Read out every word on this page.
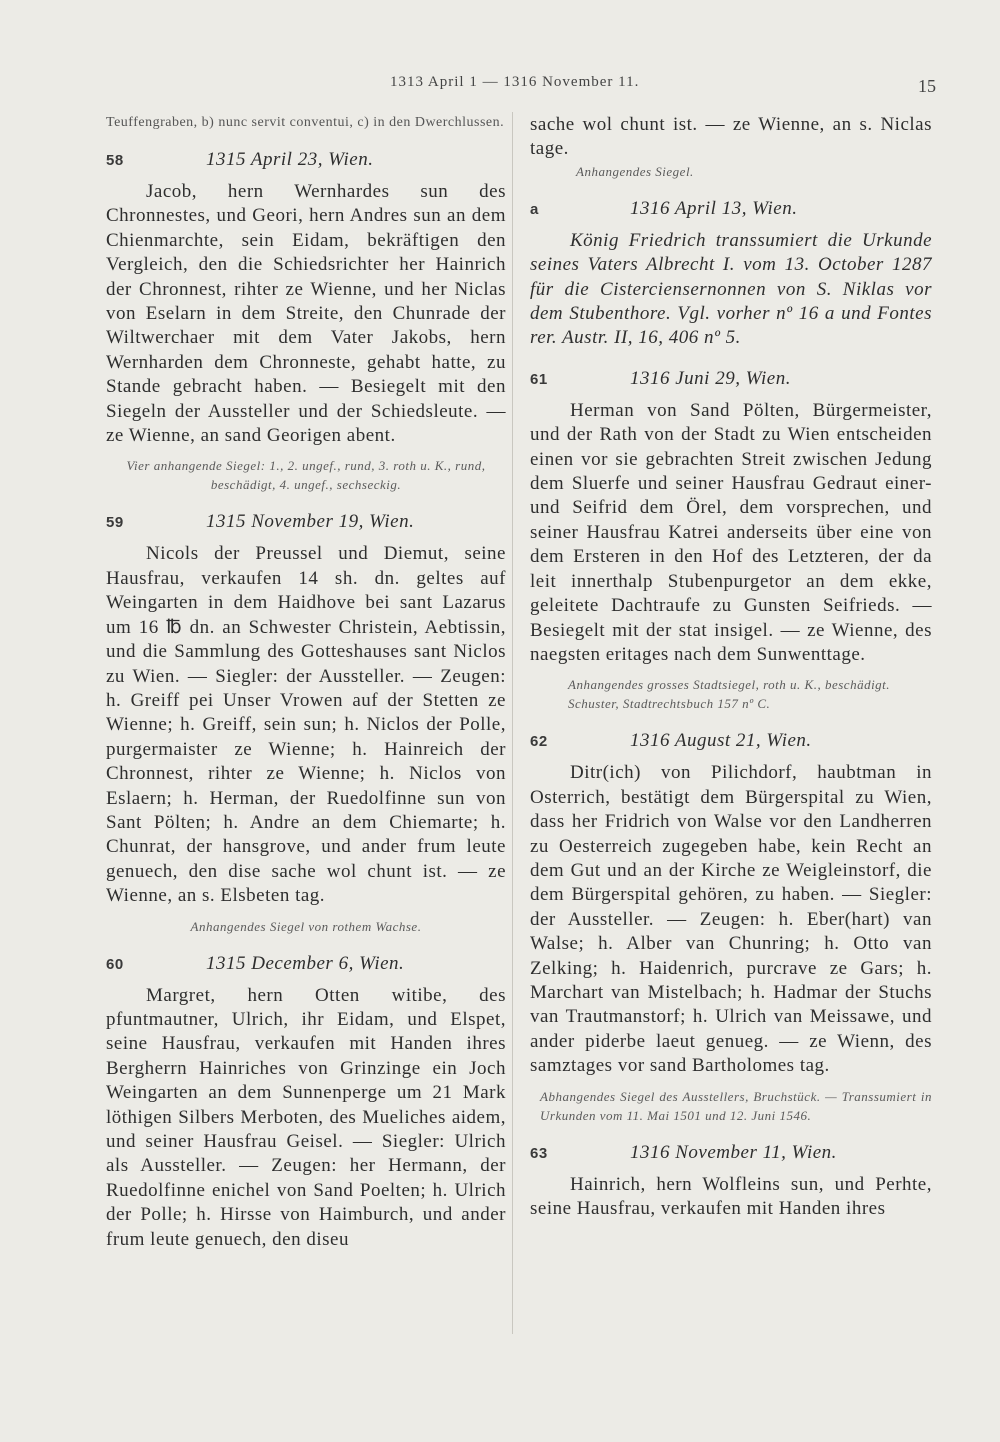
1313 April 1 — 1316 November 11.	15

Teuffengraben, b) nunc servit conventui, c) in den Dwerchlussen.

58	1315 April 23, Wien.

Jacob, hern Wernhardes sun des Chronnestes, und Geori, hern Andres sun an dem Chienmarchte, sein Eidam, bekräftigen den Vergleich, den die Schiedsrichter her Hainrich der Chronnest, rihter ze Wienne, und her Niclas von Eselarn in dem Streite, den Chunrade der Wiltwerchaer mit dem Vater Jakobs, hern Wernharden dem Chronneste, gehabt hatte, zu Stande gebracht haben. — Besiegelt mit den Siegeln der Aussteller und der Schiedsleute. — ze Wienne, an sand Georigen abent.

Vier anhangende Siegel: 1., 2. ungef., rund, 3. roth u. K., rund, beschädigt, 4. ungef., sechseckig.

59	1315 November 19, Wien.

Nicols der Preussel und Diemut, seine Hausfrau, verkaufen 14 sh. dn. geltes auf Weingarten in dem Haidhove bei sant Lazarus um 16 ℔ dn. an Schwester Christein, Aebtissin, und die Sammlung des Gotteshauses sant Niclos zu Wien. — Siegler: der Aussteller. — Zeugen: h. Greiff pei Unser Vrowen auf der Stetten ze Wienne; h. Greiff, sein sun; h. Niclos der Polle, purgermaister ze Wienne; h. Hainreich der Chronnest, rihter ze Wienne; h. Niclos von Eslaern; h. Herman, der Ruedolfinne sun von Sant Pölten; h. Andre an dem Chiemarte; h. Chunrat, der hansgrove, und ander frum leute genuech, den dise sache wol chunt ist. — ze Wienne, an s. Elsbeten tag.

Anhangendes Siegel von rothem Wachse.

60	1315 December 6, Wien.

Margret, hern Otten witibe, des pfuntmautner, Ulrich, ihr Eidam, und Elspet, seine Hausfrau, verkaufen mit Handen ihres Bergherrn Hainriches von Grinzinge ein Joch Weingarten an dem Sunnenperge um 21 Mark löthigen Silbers Merboten, des Mueliches aidem, und seiner Hausfrau Geisel. — Siegler: Ulrich als Aussteller. — Zeugen: her Hermann, der Ruedolfinne enichel von Sand Poelten; h. Ulrich der Polle; h. Hirsse von Haimburch, und ander frum leute genuech, den diseu

sache wol chunt ist. — ze Wienne, an s. Niclas tage.

Anhangendes Siegel.

a	1316 April 13, Wien.

König Friedrich transsumiert die Urkunde seines Vaters Albrecht I. vom 13. October 1287 für die Cisterciensernonnen von S. Niklas vor dem Stubenthore. Vgl. vorher nº 16 a und Fontes rer. Austr. II, 16, 406 nº 5.

61	1316 Juni 29, Wien.

Herman von Sand Pölten, Bürgermeister, und der Rath von der Stadt zu Wien entscheiden einen vor sie gebrachten Streit zwischen Jedung dem Sluerfe und seiner Hausfrau Gedraut einer- und Seifrid dem Örel, dem vorsprechen, und seiner Hausfrau Katrei anderseits über eine von dem Ersteren in den Hof des Letzteren, der da leit innerthalp Stubenpurgetor an dem ekke, geleitete Dachtraufe zu Gunsten Seifrieds. — Besiegelt mit der stat insigel. — ze Wienne, des naegsten eritages nach dem Sunwenttage.

Anhangendes grosses Stadtsiegel, roth u. K., beschädigt.

Schuster, Stadtrechtsbuch 157 nº C.

62	1316 August 21, Wien.

Ditr(ich) von Pilichdorf, haubtman in Osterrich, bestätigt dem Bürgerspital zu Wien, dass her Fridrich von Walse vor den Landherren zu Oesterreich zugegeben habe, kein Recht an dem Gut und an der Kirche ze Weigleinstorf, die dem Bürgerspital gehören, zu haben. — Siegler: der Aussteller. — Zeugen: h. Eber(hart) van Walse; h. Alber van Chunring; h. Otto van Zelking; h. Haidenrich, purcrave ze Gars; h. Marchart van Mistelbach; h. Hadmar der Stuchs van Trautmanstorf; h. Ulrich van Meissawe, und ander piderbe laeut genueg. — ze Wienn, des samztages vor sand Bartholomes tag.

Abhangendes Siegel des Ausstellers, Bruchstück. — Transsumiert in Urkunden vom 11. Mai 1501 und 12. Juni 1546.

63	1316 November 11, Wien.

Hainrich, hern Wolfleins sun, und Perhte, seine Hausfrau, verkaufen mit Handen ihres
